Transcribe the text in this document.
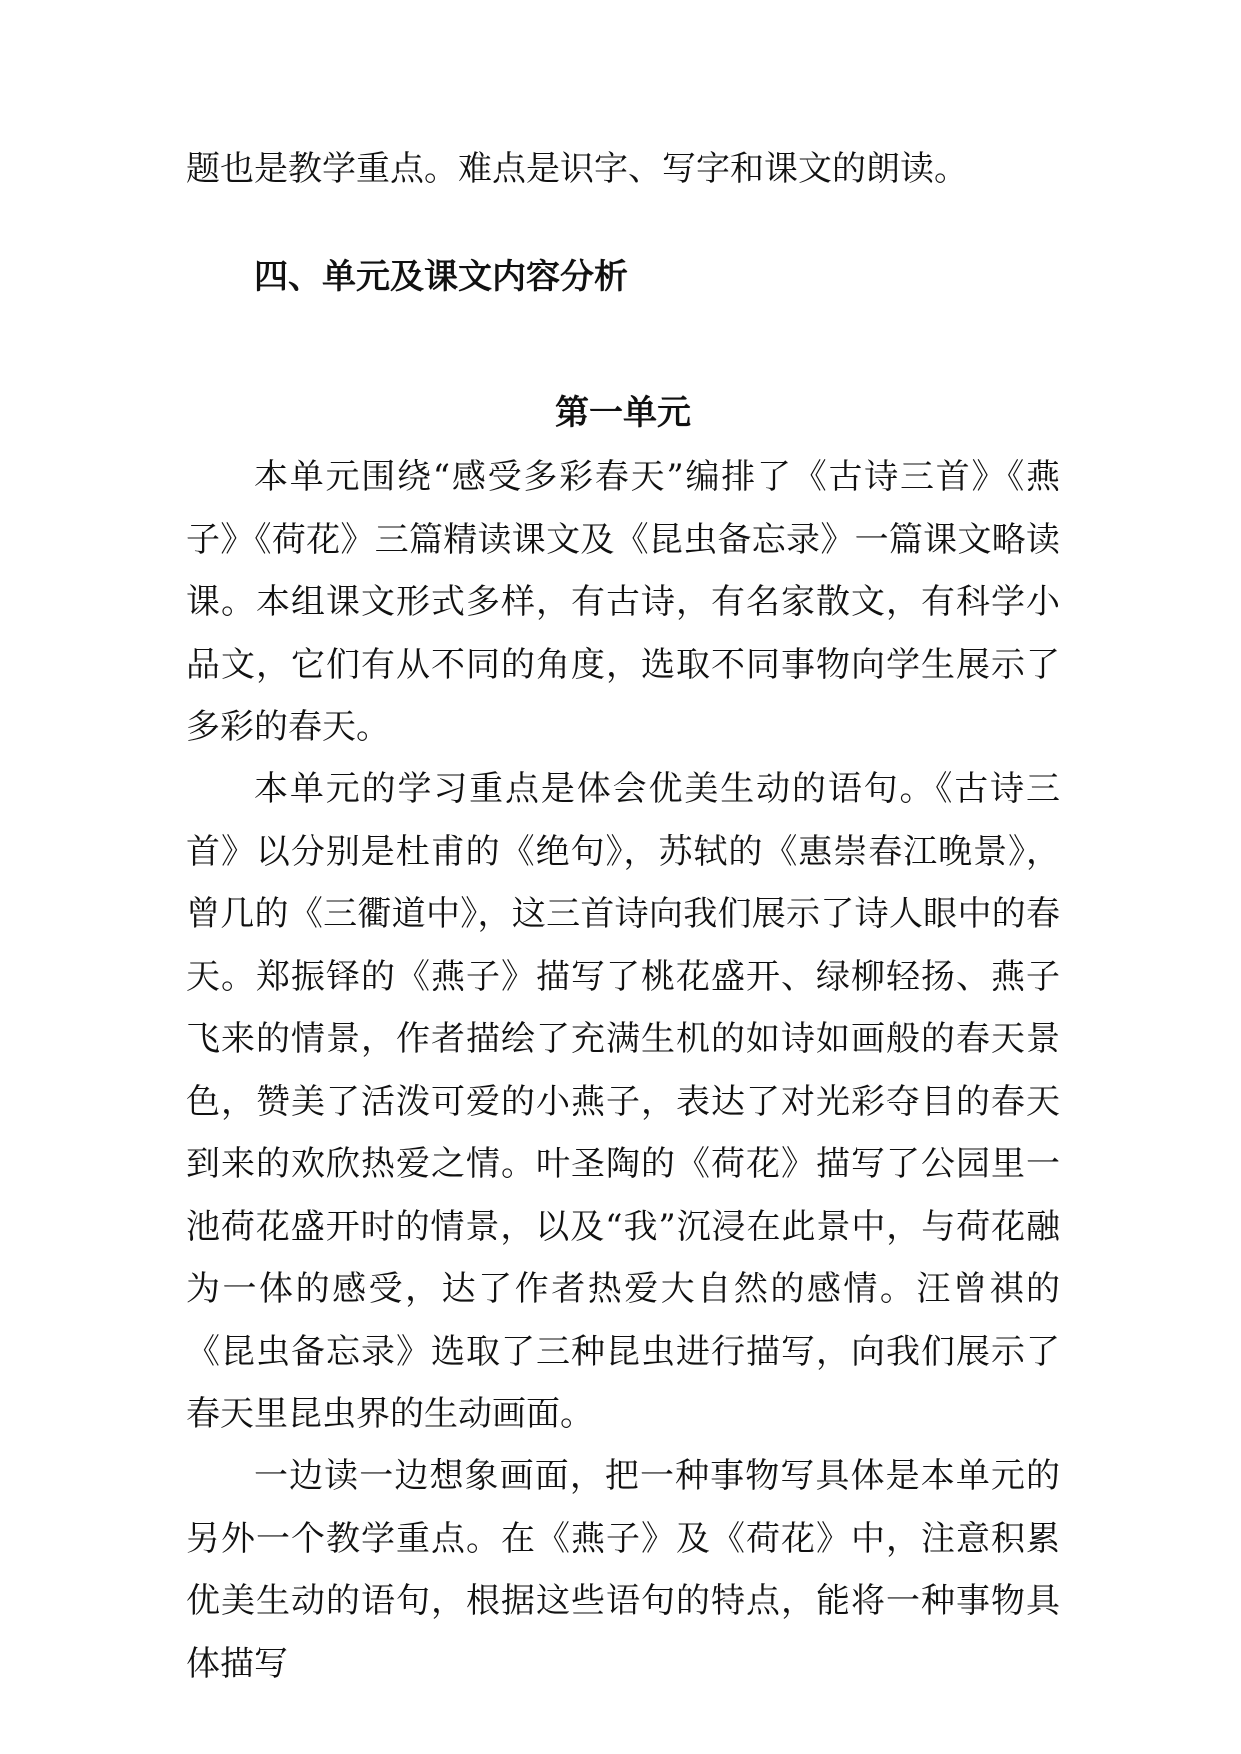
题也是教学重点。难点是识字、写字和课文的朗读。

四、单元及课文内容分析
第一单元

本单元围绕“感受多彩春天”编排了《古诗三首》《燕子》《荷花》三篇精读课文及《昆虫备忘录》一篇课文略读课。本组课文形式多样，有古诗，有名家散文，有科学小品文，它们有从不同的角度，选取不同事物向学生展示了多彩的春天。

本单元的学习重点是体会优美生动的语句。《古诗三首》以分别是杜甫的《绝句》，苏轼的《惠崇春江晚景》，曾几的《三衢道中》，这三首诗向我们展示了诗人眼中的春天。郑振铎的《燕子》描写了桃花盛开、绿柳轻扬、燕子飞来的情景，作者描绘了充满生机的如诗如画般的春天景色，赞美了活泼可爱的小燕子，表达了对光彩夺目的春天到来的欢欣热爱之情。叶圣陶的《荷花》描写了公园里一池荷花盛开时的情景，以及“我”沉浸在此景中，与荷花融为一体的感受，达了作者热爱大自然的感情。汪曾祺的《昆虫备忘录》选取了三种昆虫进行描写，向我们展示了春天里昆虫界的生动画面。

一边读一边想象画面，把一种事物写具体是本单元的另外一个教学重点。在《燕子》及《荷花》中，注意积累优美生动的语句，根据这些语句的特点，能将一种事物具体描写
